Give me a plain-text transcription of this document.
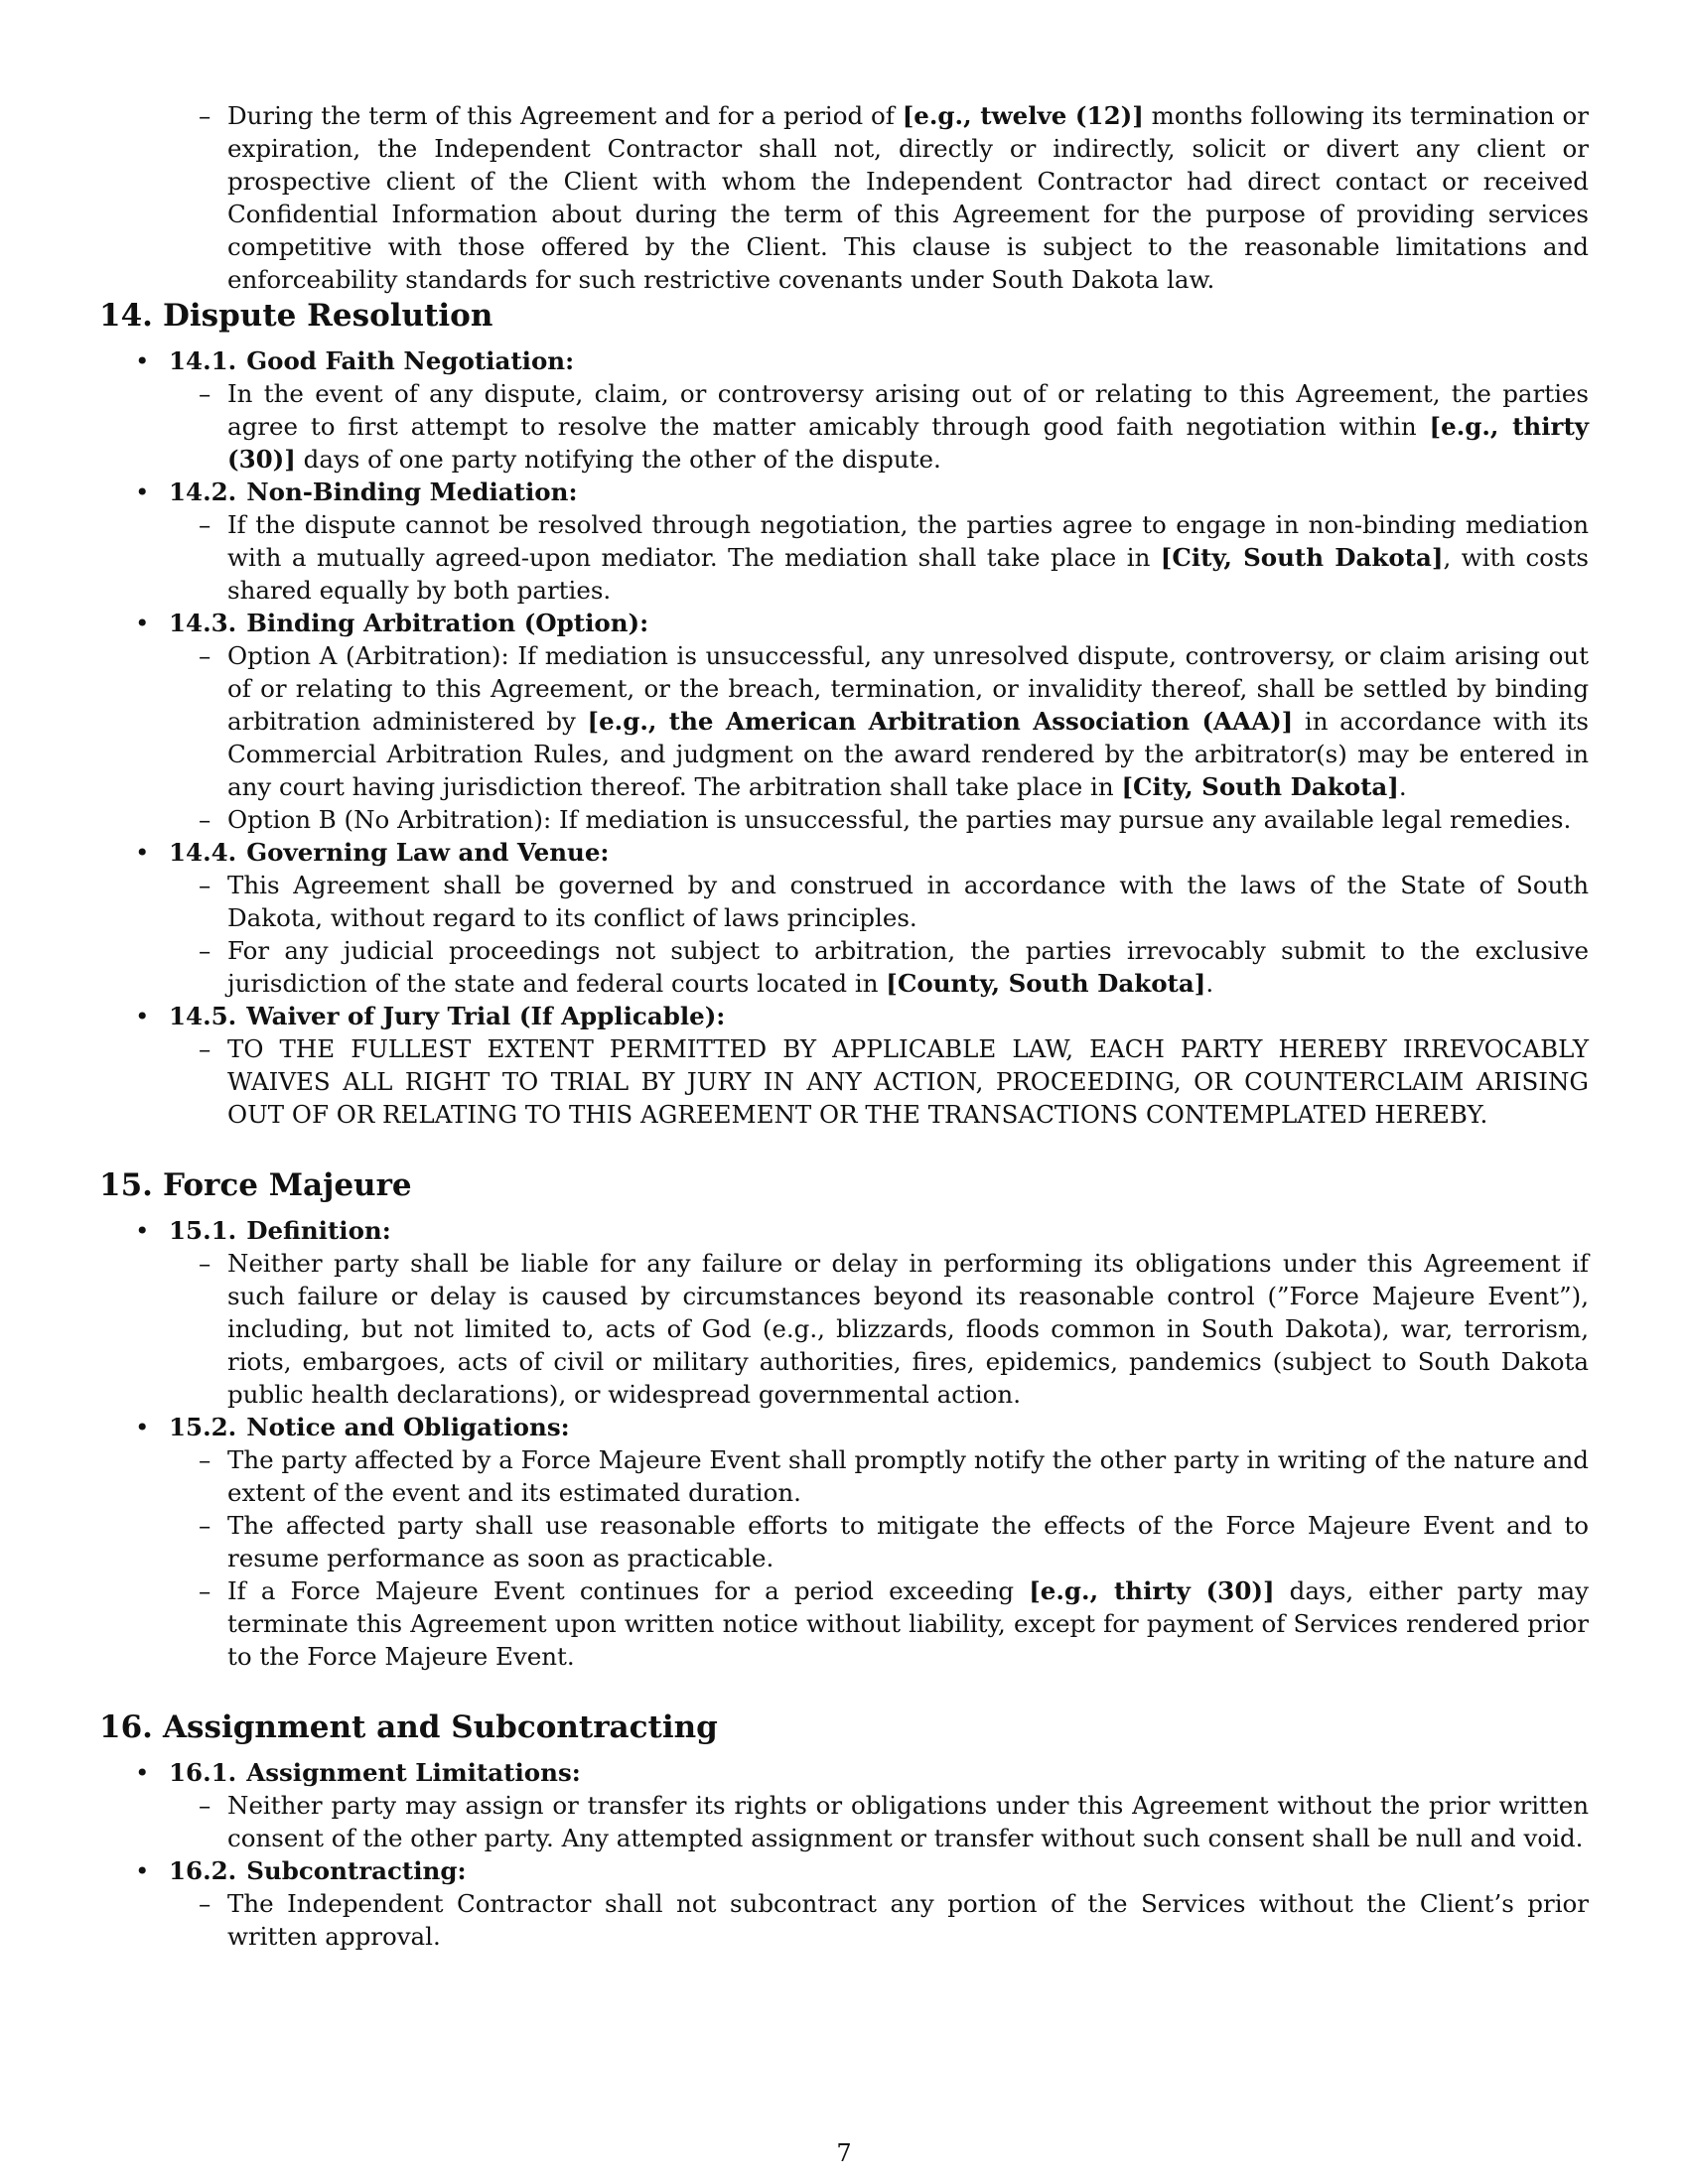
– During the term of this Agreement and for a period of [e.g., twelve (12)] months following its termination or expiration, the Independent Contractor shall not, directly or indirectly, solicit or divert any client or prospective client of the Client with whom the Independent Contractor had direct contact or received Confidential Information about during the term of this Agreement for the purpose of providing services competitive with those offered by the Client. This clause is subject to the reasonable limitations and enforceability standards for such restrictive covenants under South Dakota law.
14. Dispute Resolution
• 14.1. Good Faith Negotiation:
– In the event of any dispute, claim, or controversy arising out of or relating to this Agreement, the parties agree to first attempt to resolve the matter amicably through good faith negotiation within [e.g., thirty (30)] days of one party notifying the other of the dispute.
• 14.2. Non-Binding Mediation:
– If the dispute cannot be resolved through negotiation, the parties agree to engage in non-binding mediation with a mutually agreed-upon mediator. The mediation shall take place in [City, South Dakota], with costs shared equally by both parties.
• 14.3. Binding Arbitration (Option):
– Option A (Arbitration): If mediation is unsuccessful, any unresolved dispute, controversy, or claim arising out of or relating to this Agreement, or the breach, termination, or invalidity thereof, shall be settled by binding arbitration administered by [e.g., the American Arbitration Association (AAA)] in accordance with its Commercial Arbitration Rules, and judgment on the award rendered by the arbitrator(s) may be entered in any court having jurisdiction thereof. The arbitration shall take place in [City, South Dakota].
– Option B (No Arbitration): If mediation is unsuccessful, the parties may pursue any available legal remedies.
• 14.4. Governing Law and Venue:
– This Agreement shall be governed by and construed in accordance with the laws of the State of South Dakota, without regard to its conflict of laws principles.
– For any judicial proceedings not subject to arbitration, the parties irrevocably submit to the exclusive jurisdiction of the state and federal courts located in [County, South Dakota].
• 14.5. Waiver of Jury Trial (If Applicable):
– TO THE FULLEST EXTENT PERMITTED BY APPLICABLE LAW, EACH PARTY HEREBY IRREVOCABLY WAIVES ALL RIGHT TO TRIAL BY JURY IN ANY ACTION, PROCEEDING, OR COUNTERCLAIM ARISING OUT OF OR RELATING TO THIS AGREEMENT OR THE TRANSACTIONS CONTEMPLATED HEREBY.
15. Force Majeure
• 15.1. Definition:
– Neither party shall be liable for any failure or delay in performing its obligations under this Agreement if such failure or delay is caused by circumstances beyond its reasonable control (”Force Majeure Event”), including, but not limited to, acts of God (e.g., blizzards, floods common in South Dakota), war, terrorism, riots, embargoes, acts of civil or military authorities, fires, epidemics, pandemics (subject to South Dakota public health declarations), or widespread governmental action.
• 15.2. Notice and Obligations:
– The party affected by a Force Majeure Event shall promptly notify the other party in writing of the nature and extent of the event and its estimated duration.
– The affected party shall use reasonable efforts to mitigate the effects of the Force Majeure Event and to resume performance as soon as practicable.
– If a Force Majeure Event continues for a period exceeding [e.g., thirty (30)] days, either party may terminate this Agreement upon written notice without liability, except for payment of Services rendered prior to the Force Majeure Event.
16. Assignment and Subcontracting
• 16.1. Assignment Limitations:
– Neither party may assign or transfer its rights or obligations under this Agreement without the prior written consent of the other party. Any attempted assignment or transfer without such consent shall be null and void.
• 16.2. Subcontracting:
– The Independent Contractor shall not subcontract any portion of the Services without the Client’s prior written approval.
7
